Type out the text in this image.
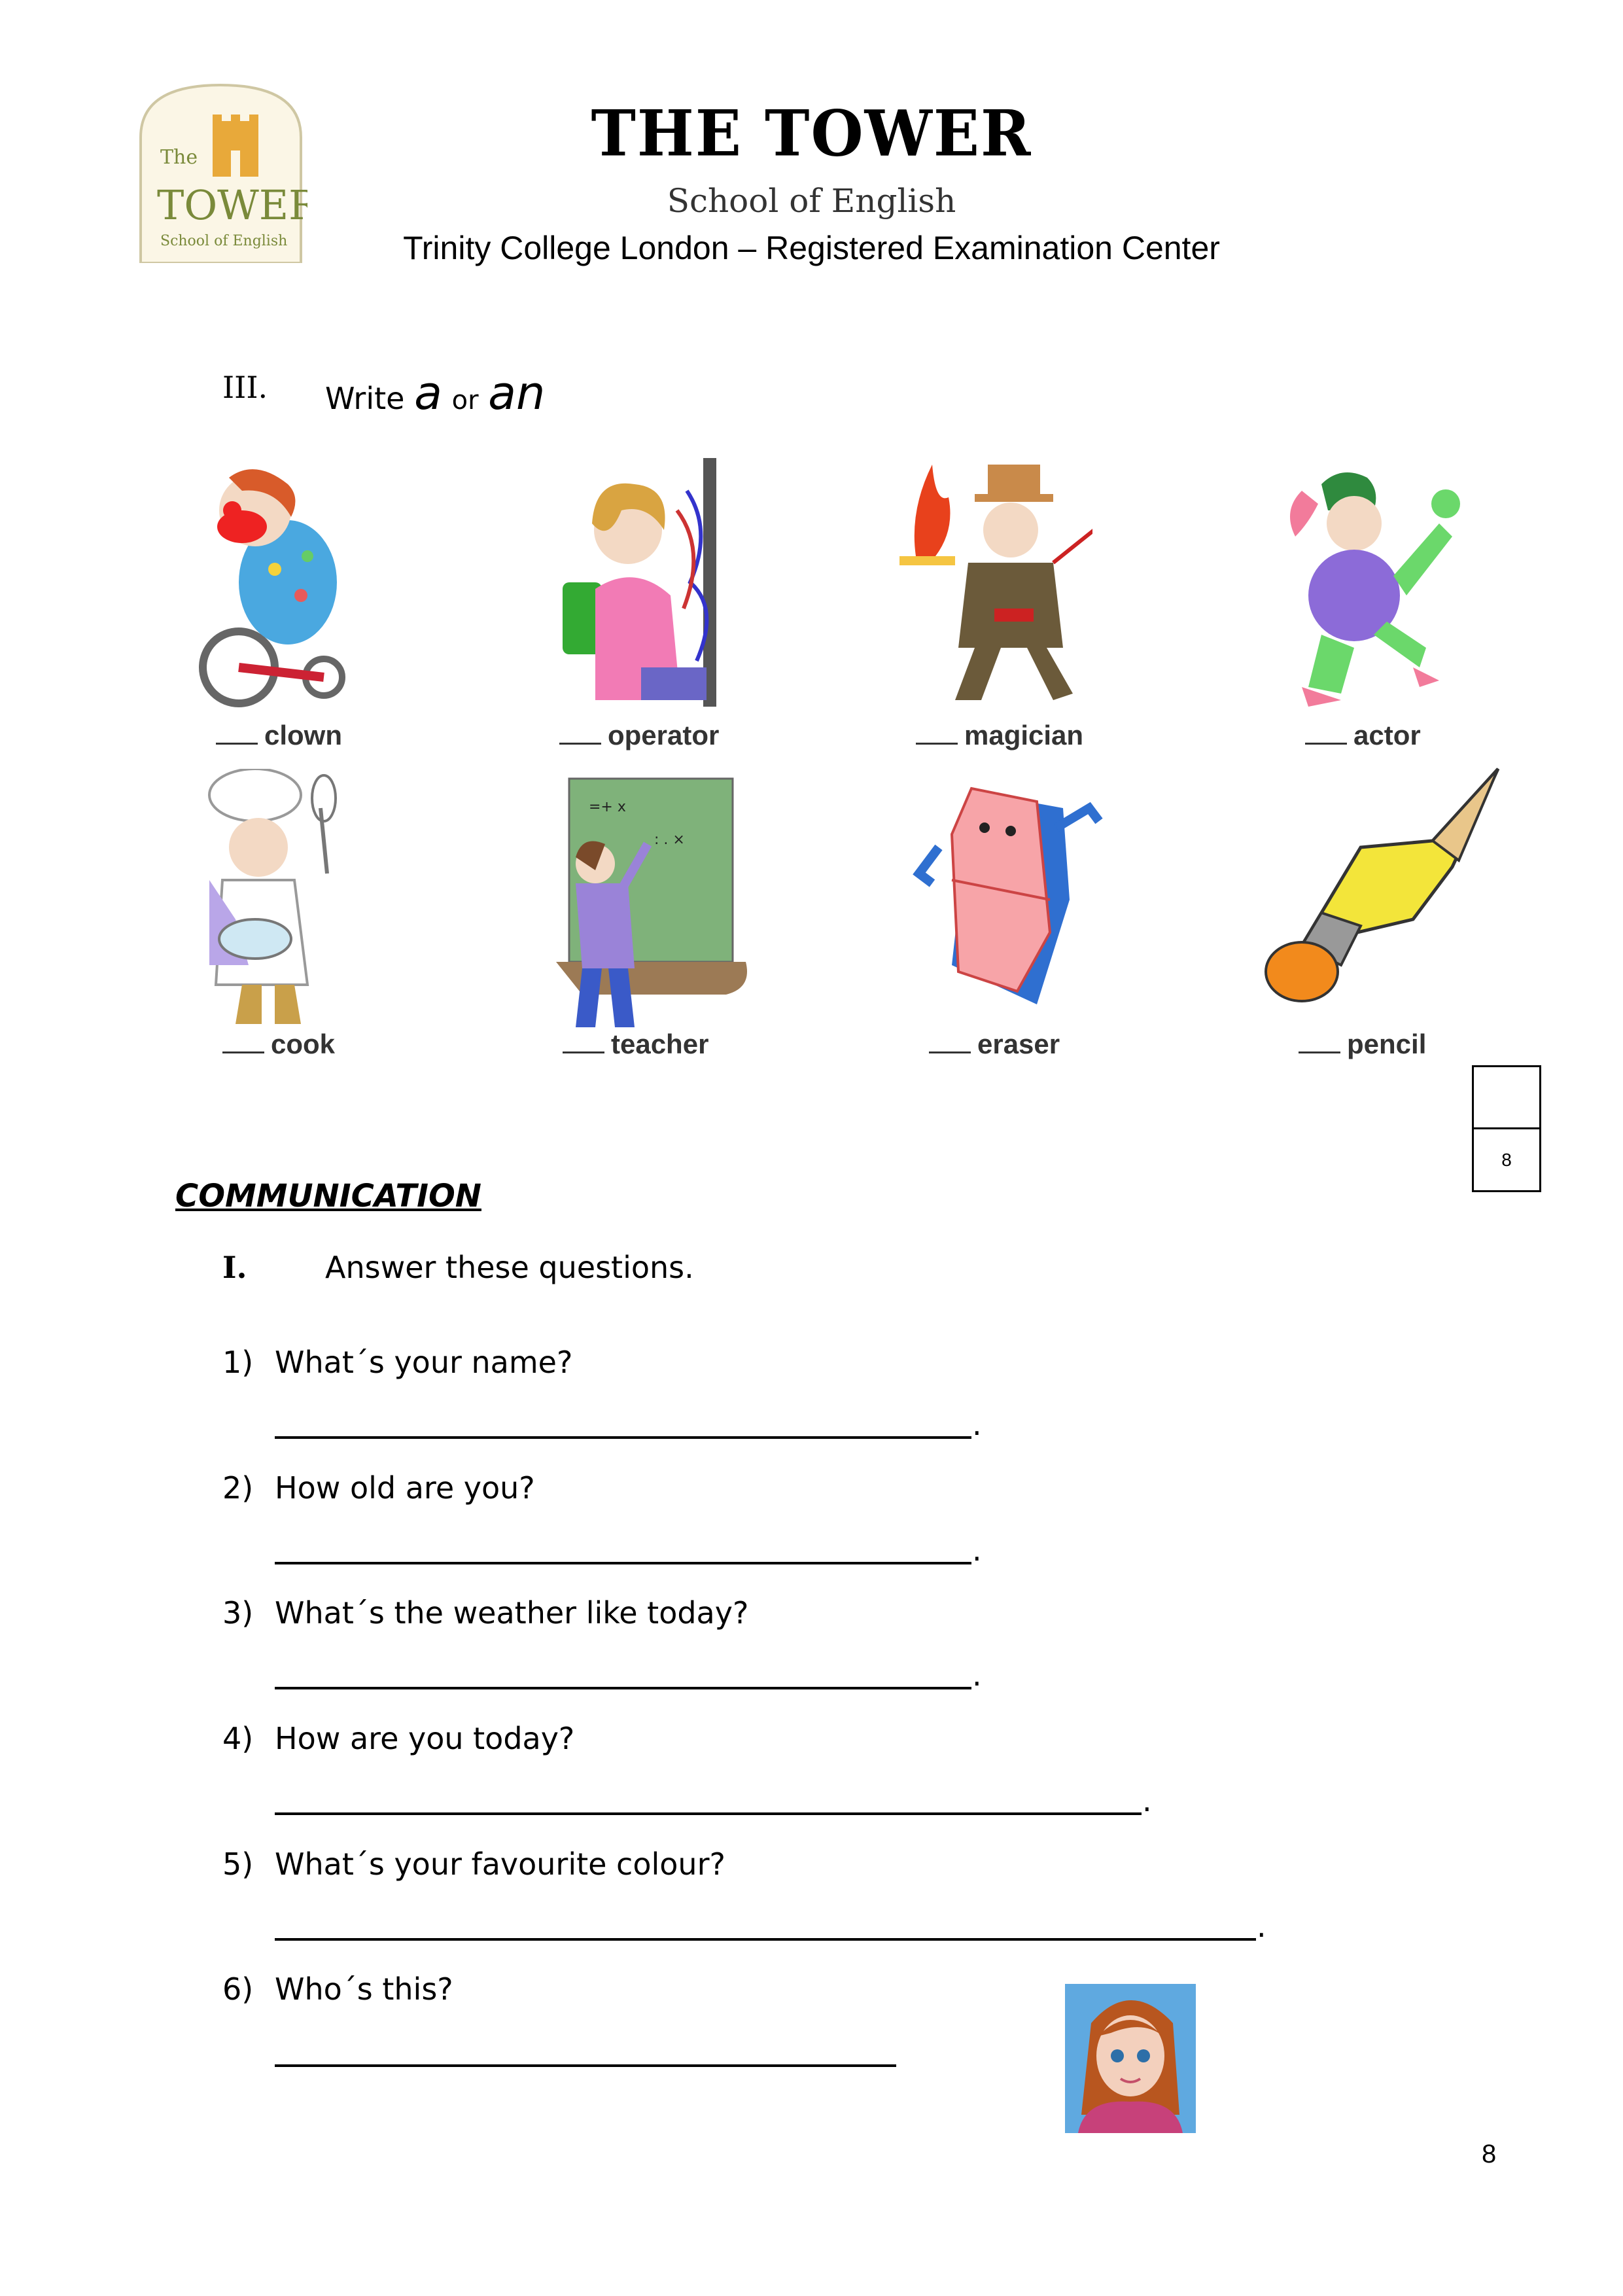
The
TOWER
School of English
THE TOWER
School of English
Trinity College London – Registered Examination Center
III. Write a or an
clown	operator	magician	actor
cook
=+ x
: . ×
teacher	eraser	pencil
8
COMMUNICATION
I.	Answer these questions.
1) What´s your name?
.
2) How old are you?
.
3) What´s the weather like today?
.
4) How are you today?
.
5) What´s your favourite colour?
.
6) Who´s this?
8
